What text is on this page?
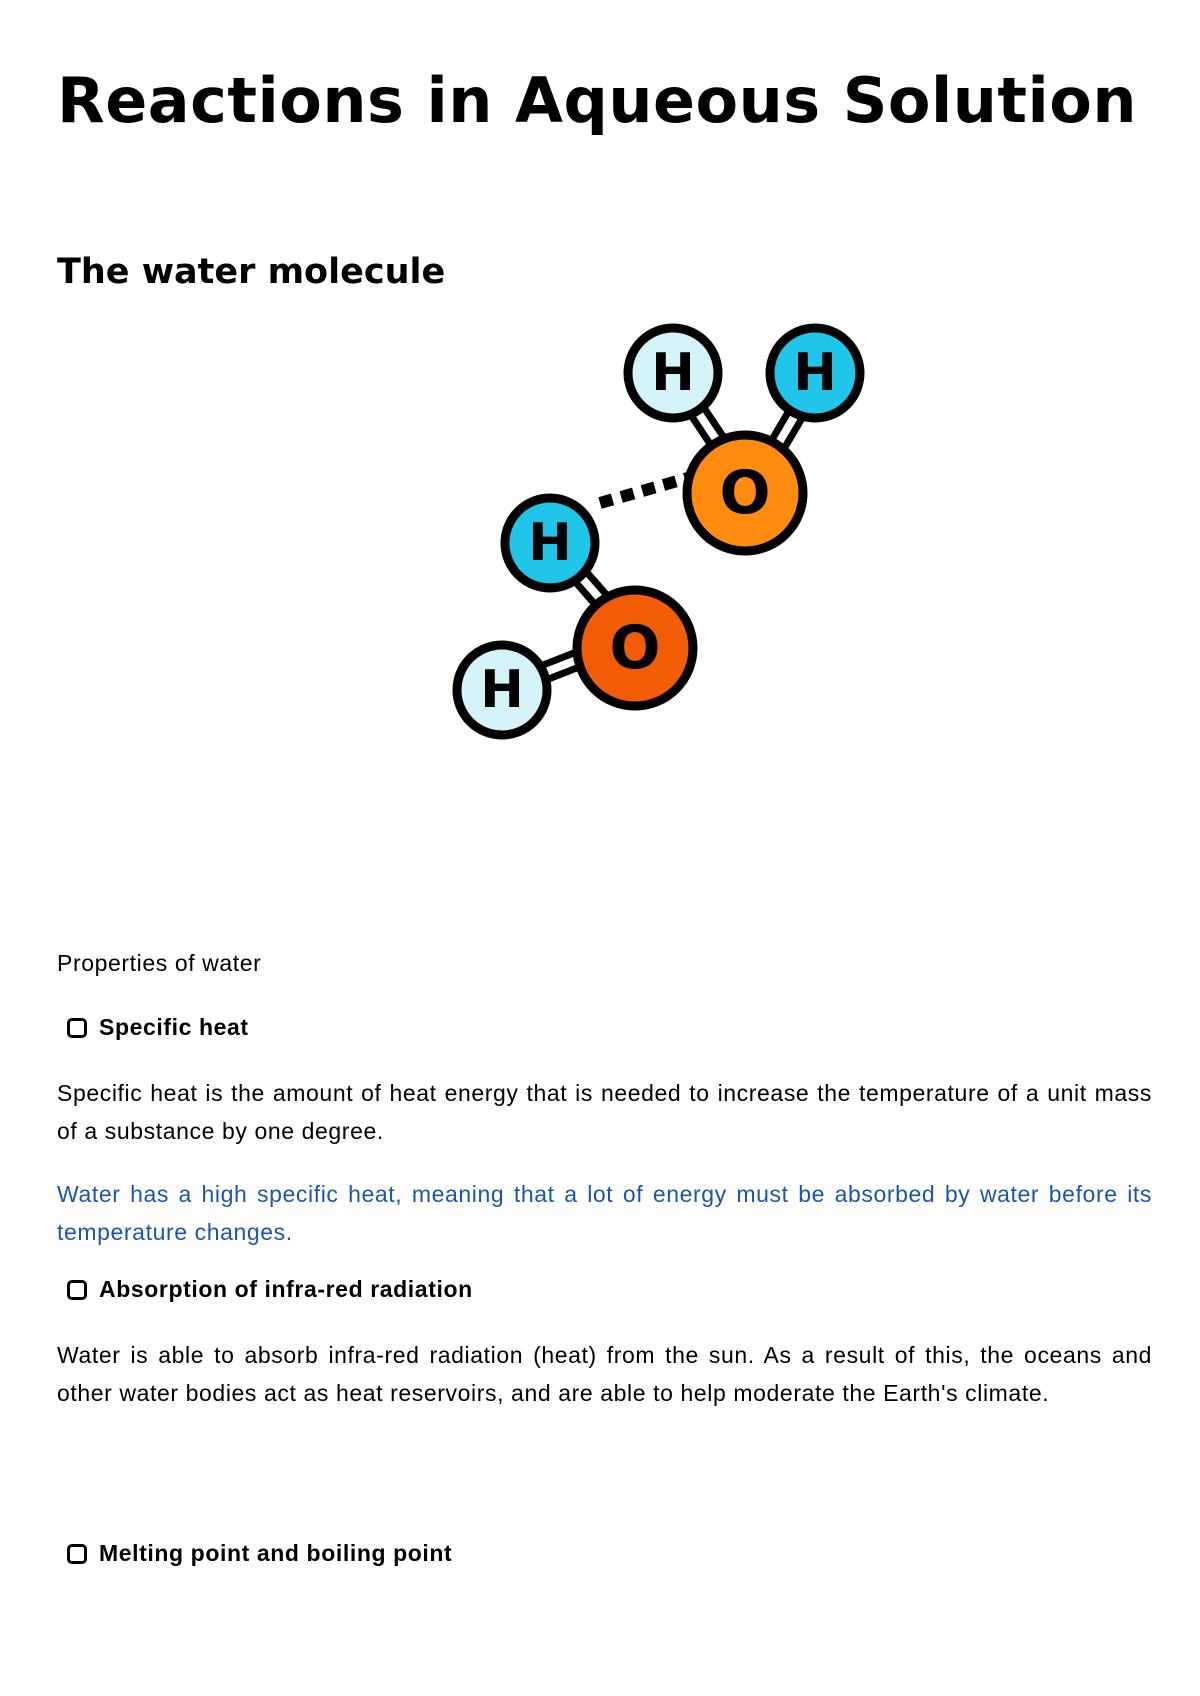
Reactions in Aqueous Solution
The water molecule
H H
O
H
O
H
Properties of water
Specific heat

Specific heat is the amount of heat energy that is needed to increase the temperature of a unit mass of a substance by one degree.

Water has a high specific heat, meaning that a lot of energy must be absorbed by water before its temperature changes.

Absorption of infra-red radiation

Water is able to absorb infra-red radiation (heat) from the sun. As a result of this, the oceans and other water bodies act as heat reservoirs, and are able to help moderate the Earth's climate.

Melting point and boiling point
